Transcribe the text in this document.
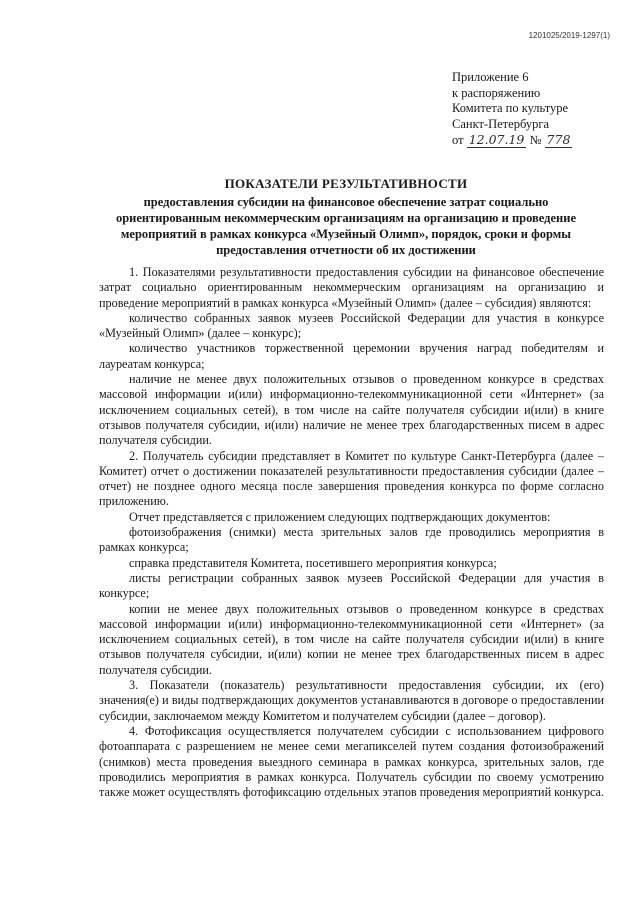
1201025/2019-1297(1)
Приложение 6
к распоряжению
Комитета по культуре
Санкт-Петербурга
от 12.07.19 № 778
ПОКАЗАТЕЛИ РЕЗУЛЬТАТИВНОСТИ
предоставления субсидии на финансовое обеспечение затрат социально ориентированным некоммерческим организациям на организацию и проведение мероприятий в рамках конкурса «Музейный Олимп», порядок, сроки и формы предоставления отчетности об их достижении

1. Показателями результативности предоставления субсидии на финансовое обеспечение затрат социально ориентированным некоммерческим организациям на организацию и проведение мероприятий в рамках конкурса «Музейный Олимп» (далее – субсидия) являются:

количество собранных заявок музеев Российской Федерации для участия в конкурсе «Музейный Олимп» (далее – конкурс);

количество участников торжественной церемонии вручения наград победителям и лауреатам конкурса;

наличие не менее двух положительных отзывов о проведенном конкурсе в средствах массовой информации и(или) информационно-телекоммуникационной сети «Интернет» (за исключением социальных сетей), в том числе на сайте получателя субсидии и(или) в книге отзывов получателя субсидии, и(или) наличие не менее трех благодарственных писем в адрес получателя субсидии.

2. Получатель субсидии представляет в Комитет по культуре Санкт-Петербурга (далее – Комитет) отчет о достижении показателей результативности предоставления субсидии (далее – отчет) не позднее одного месяца после завершения проведения конкурса по форме согласно приложению.

Отчет представляется с приложением следующих подтверждающих документов:

фотоизображения (снимки) места зрительных залов где проводились мероприятия в рамках конкурса;

справка представителя Комитета, посетившего мероприятия конкурса;

листы регистрации собранных заявок музеев Российской Федерации для участия в конкурсе;

копии не менее двух положительных отзывов о проведенном конкурсе в средствах массовой информации и(или) информационно-телекоммуникационной сети «Интернет» (за исключением социальных сетей), в том числе на сайте получателя субсидии и(или) в книге отзывов получателя субсидии, и(или) копии не менее трех благодарственных писем в адрес получателя субсидии.

3. Показатели (показатель) результативности предоставления субсидии, их (его) значения(е) и виды подтверждающих документов устанавливаются в договоре о предоставлении субсидии, заключаемом между Комитетом и получателем субсидии (далее – договор).

4. Фотофиксация осуществляется получателем субсидии с использованием цифрового фотоаппарата с разрешением не менее семи мегапикселей путем создания фотоизображений (снимков) места проведения выездного семинара в рамках конкурса, зрительных залов, где проводились мероприятия в рамках конкурса. Получатель субсидии по своему усмотрению также может осуществлять фотофиксацию отдельных этапов проведения мероприятий конкурса.
